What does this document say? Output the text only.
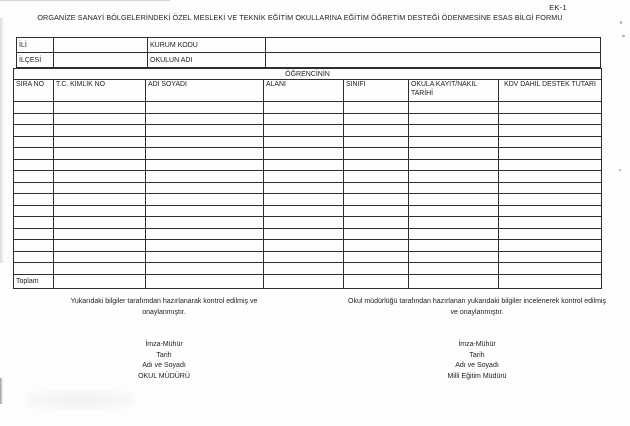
EK-1
ORGANİZE SANAYİ BÖLGELERİNDEKİ ÖZEL MESLEKİ VE TEKNİK EĞİTİM OKULLARINA EĞİTİM ÖĞRETİM DESTEĞİ ÖDENMESİNE ESAS BİLGİ FORMU
İLİ		KURUM KODU	
İLÇESİ		OKULUN ADI	
ÖĞRENCİNİN						
SIRA NO	T.C. KİMLİK NO	ADI SOYADI	ALANI	SINIFI	OKULA KAYIT/NAKİL TARİHİ	KDV DAHİL DESTEK TUTARI

Toplam						
Yukarıdaki bilgiler tarafımdan hazırlanarak kontrol edilmiş ve onaylanmıştır.
İmza-Mühür
Tarih
Adı ve Soyadı
OKUL MÜDÜRÜ
Okul müdürlüğü tarafından hazırlanan yukarıdaki bilgiler incelenerek kontrol edilmiş ve onaylanmıştır.
İmza-Mühür
Tarih
Adı ve Soyadı
Milli Eğitim Müdürü
